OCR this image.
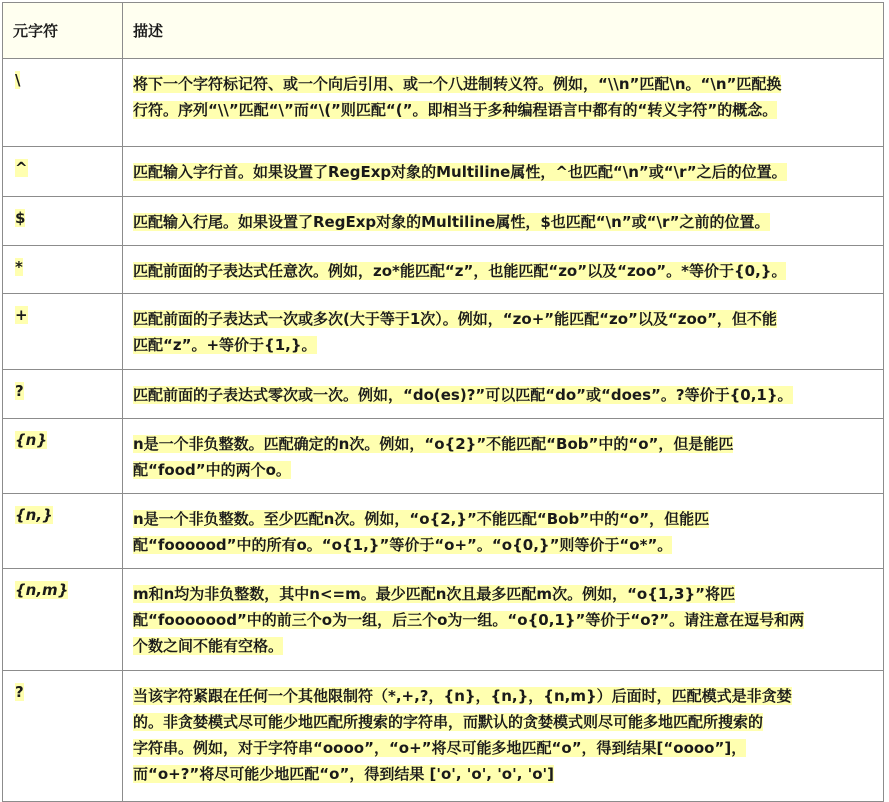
元字符	描述
\	将下一个字符标记符、或一个向后引用、或一个八进制转义符。例如，“\\n”匹配\n。“\n”匹配换
行符。序列“\\”匹配“\”而“\(”则匹配“(”。即相当于多种编程语言中都有的“转义字符”的概念。

^	匹配输入字行首。如果设置了RegExp对象的Multiline属性，^也匹配“\n”或“\r”之后的位置。

$	匹配输入行尾。如果设置了RegExp对象的Multiline属性，$也匹配“\n”或“\r”之前的位置。

*	匹配前面的子表达式任意次。例如，zo*能匹配“z”，也能匹配“zo”以及“zoo”。*等价于{0,}。

+	匹配前面的子表达式一次或多次(大于等于1次）。例如，“zo+”能匹配“zo”以及“zoo”，但不能
匹配“z”。+等价于{1,}。

?	匹配前面的子表达式零次或一次。例如，“do(es)?”可以匹配“do”或“does”。?等价于{0,1}。

{n}	n是一个非负整数。匹配确定的n次。例如，“o{2}”不能匹配“Bob”中的“o”，但是能匹
配“food”中的两个o。

{n,}	n是一个非负整数。至少匹配n次。例如，“o{2,}”不能匹配“Bob”中的“o”，但能匹
配“foooood”中的所有o。“o{1,}”等价于“o+”。“o{0,}”则等价于“o*”。

{n,m}	m和n均为非负整数，其中n<=m。最少匹配n次且最多匹配m次。例如，“o{1,3}”将匹
配“fooooood”中的前三个o为一组，后三个o为一组。“o{0,1}”等价于“o?”。请注意在逗号和两
个数之间不能有空格。

?	当该字符紧跟在任何一个其他限制符（*,+,?，{n}，{n,}，{n,m}）后面时，匹配模式是非贪婪
的。非贪婪模式尽可能少地匹配所搜索的字符串，而默认的贪婪模式则尽可能多地匹配所搜索的
字符串。例如，对于字符串“oooo”，“o+”将尽可能多地匹配“o”，得到结果[“oooo”]，
而“o+?”将尽可能少地匹配“o”，得到结果 ['o', 'o', 'o', 'o']
